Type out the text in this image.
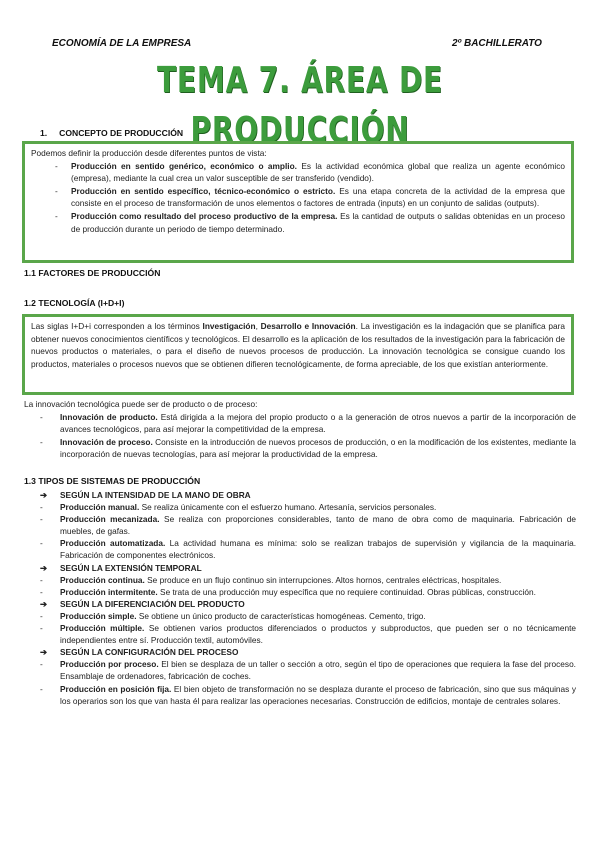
ECONOMÍA DE LA EMPRESA	2º BACHILLERATO
TEMA 7. ÁREA DE PRODUCCIÓN
1. CONCEPTO DE PRODUCCIÓN

Podemos definir la producción desde diferentes puntos de vista:

- Producción en sentido genérico, económico o amplio. Es la actividad económica global que realiza un agente económico (empresa), mediante la cual crea un valor susceptible de ser transferido (vendido).
- Producción en sentido específico, técnico-económico o estricto. Es una etapa concreta de la actividad de la empresa que consiste en el proceso de transformación de unos elementos o factores de entrada (inputs) en un conjunto de salidas (outputs).
- Producción como resultado del proceso productivo de la empresa. Es la cantidad de outputs o salidas obtenidas en un proceso de producción durante un periodo de tiempo determinado.
1.1 FACTORES DE PRODUCCIÓN
1.2 TECNOLOGÍA (I+D+I)

Las siglas I+D+i corresponden a los términos Investigación, Desarrollo e Innovación. La investigación es la indagación que se planifica para obtener nuevos conocimientos científicos y tecnológicos. El desarrollo es la aplicación de los resultados de la investigación para la fabricación de nuevos productos o materiales, o para el diseño de nuevos procesos de producción. La innovación tecnológica se consigue cuando los productos, materiales o procesos nuevos que se obtienen difieren tecnológicamente, de forma apreciable, de los que existían anteriormente.

La innovación tecnológica puede ser de producto o de proceso:

- Innovación de producto. Está dirigida a la mejora del propio producto o a la generación de otros nuevos a partir de la incorporación de avances tecnológicos, para así mejorar la competitividad de la empresa.
- Innovación de proceso. Consiste en la introducción de nuevos procesos de producción, o en la modificación de los existentes, mediante la incorporación de nuevas tecnologías, para así mejorar la productividad de la empresa.
1.3 TIPOS DE SISTEMAS DE PRODUCCIÓN
➔ SEGÚN LA INTENSIDAD DE LA MANO DE OBRA
- Producción manual. Se realiza únicamente con el esfuerzo humano. Artesanía, servicios personales.
- Producción mecanizada. Se realiza con proporciones considerables, tanto de mano de obra como de maquinaria. Fabricación de muebles, de gafas.
- Producción automatizada. La actividad humana es mínima: solo se realizan trabajos de supervisión y vigilancia de la maquinaria. Fabricación de componentes electrónicos.
➔ SEGÚN LA EXTENSIÓN TEMPORAL
- Producción continua. Se produce en un flujo continuo sin interrupciones. Altos hornos, centrales eléctricas, hospitales.
- Producción intermitente. Se trata de una producción muy específica que no requiere continuidad. Obras públicas, construcción.
➔ SEGÚN LA DIFERENCIACIÓN DEL PRODUCTO
- Producción simple. Se obtiene un único producto de características homogéneas. Cemento, trigo.
- Producción múltiple. Se obtienen varios productos diferenciados o productos y subproductos, que pueden ser o no técnicamente independientes entre sí. Producción textil, automóviles.
➔ SEGÚN LA CONFIGURACIÓN DEL PROCESO
- Producción por proceso. El bien se desplaza de un taller o sección a otro, según el tipo de operaciones que requiera la fase del proceso. Ensamblaje de ordenadores, fabricación de coches.
- Producción en posición fija. El bien objeto de transformación no se desplaza durante el proceso de fabricación, sino que sus máquinas y los operarios son los que van hasta él para realizar las operaciones necesarias. Construcción de edificios, montaje de centrales solares.
